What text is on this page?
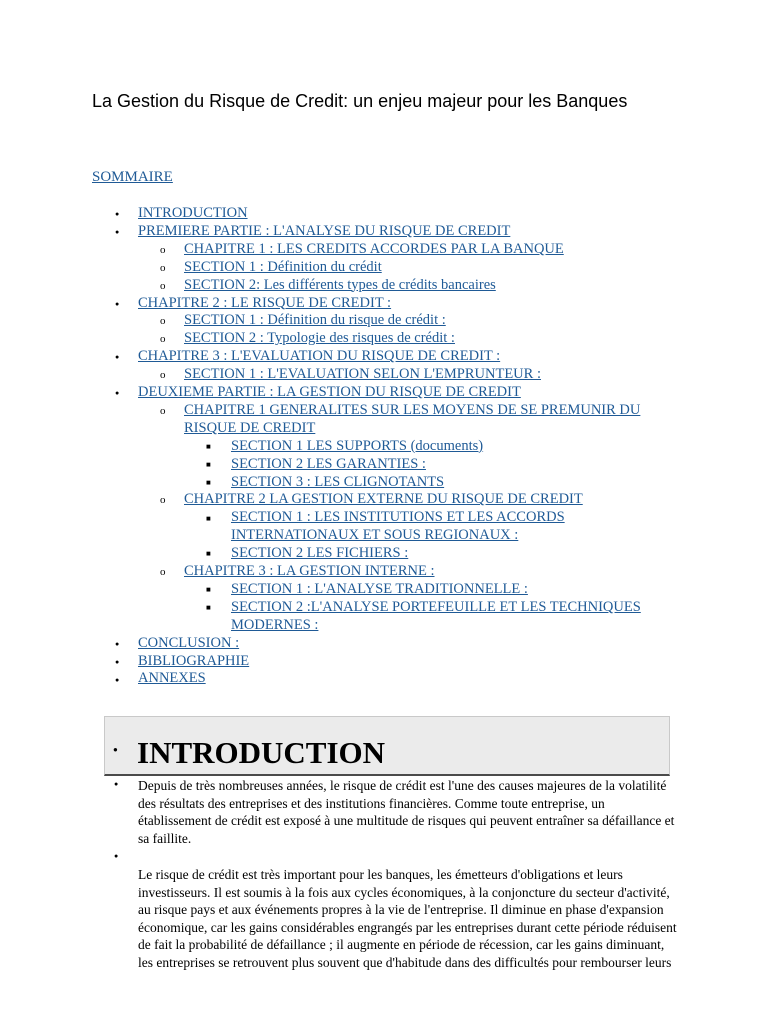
La Gestion du Risque de Credit: un enjeu majeur pour les Banques
SOMMAIRE
●
INTRODUCTION
●
PREMIERE PARTIE : L'ANALYSE DU RISQUE DE CREDIT
o
CHAPITRE 1 : LES CREDITS ACCORDES PAR LA BANQUE
o
SECTION 1 : Définition du crédit
o
SECTION 2: Les différents types de crédits bancaires
●
CHAPITRE 2 : LE RISQUE DE CREDIT :
o
SECTION 1 : Définition du risque de crédit :
o
SECTION 2 : Typologie des risques de crédit :
●
CHAPITRE 3 : L'EVALUATION DU RISQUE DE CREDIT :
o
SECTION 1 : L'EVALUATION SELON L'EMPRUNTEUR :
●
DEUXIEME PARTIE : LA GESTION DU RISQUE DE CREDIT
o
CHAPITRE 1 GENERALITES SUR LES MOYENS DE SE PREMUNIR DU
RISQUE DE CREDIT
■
SECTION 1 LES SUPPORTS (documents)
■
SECTION 2 LES GARANTIES :
■
SECTION 3 : LES CLIGNOTANTS
o
CHAPITRE 2 LA GESTION EXTERNE DU RISQUE DE CREDIT
■
SECTION 1 : LES INSTITUTIONS ET LES ACCORDS
INTERNATIONAUX ET SOUS REGIONAUX :
■
SECTION 2 LES FICHIERS :
o
CHAPITRE 3 : LA GESTION INTERNE :
■
SECTION 1 : L'ANALYSE TRADITIONNELLE :
■
SECTION 2 :L'ANALYSE PORTEFEUILLE ET LES TECHNIQUES
MODERNES :
●
CONCLUSION :
●
BIBLIOGRAPHIE
●
ANNEXES
● INTRODUCTION
● Depuis de très nombreuses années, le risque de crédit est l'une des causes majeures de la volatilité des résultats des entreprises et des institutions financières. Comme toute entreprise, un établissement de crédit est exposé à une multitude de risques qui peuvent entraîner sa défaillance et sa faillite.

●

Le risque de crédit est très important pour les banques, les émetteurs d'obligations et leurs investisseurs. Il est soumis à la fois aux cycles économiques, à la conjoncture du secteur d'activité, au risque pays et aux événements propres à la vie de l'entreprise. Il diminue en phase d'expansion économique, car les gains considérables engrangés par les entreprises durant cette période réduisent de fait la probabilité de défaillance ; il augmente en période de récession, car les gains diminuant, les entreprises se retrouvent plus souvent que d'habitude dans des difficultés pour rembourser leurs
